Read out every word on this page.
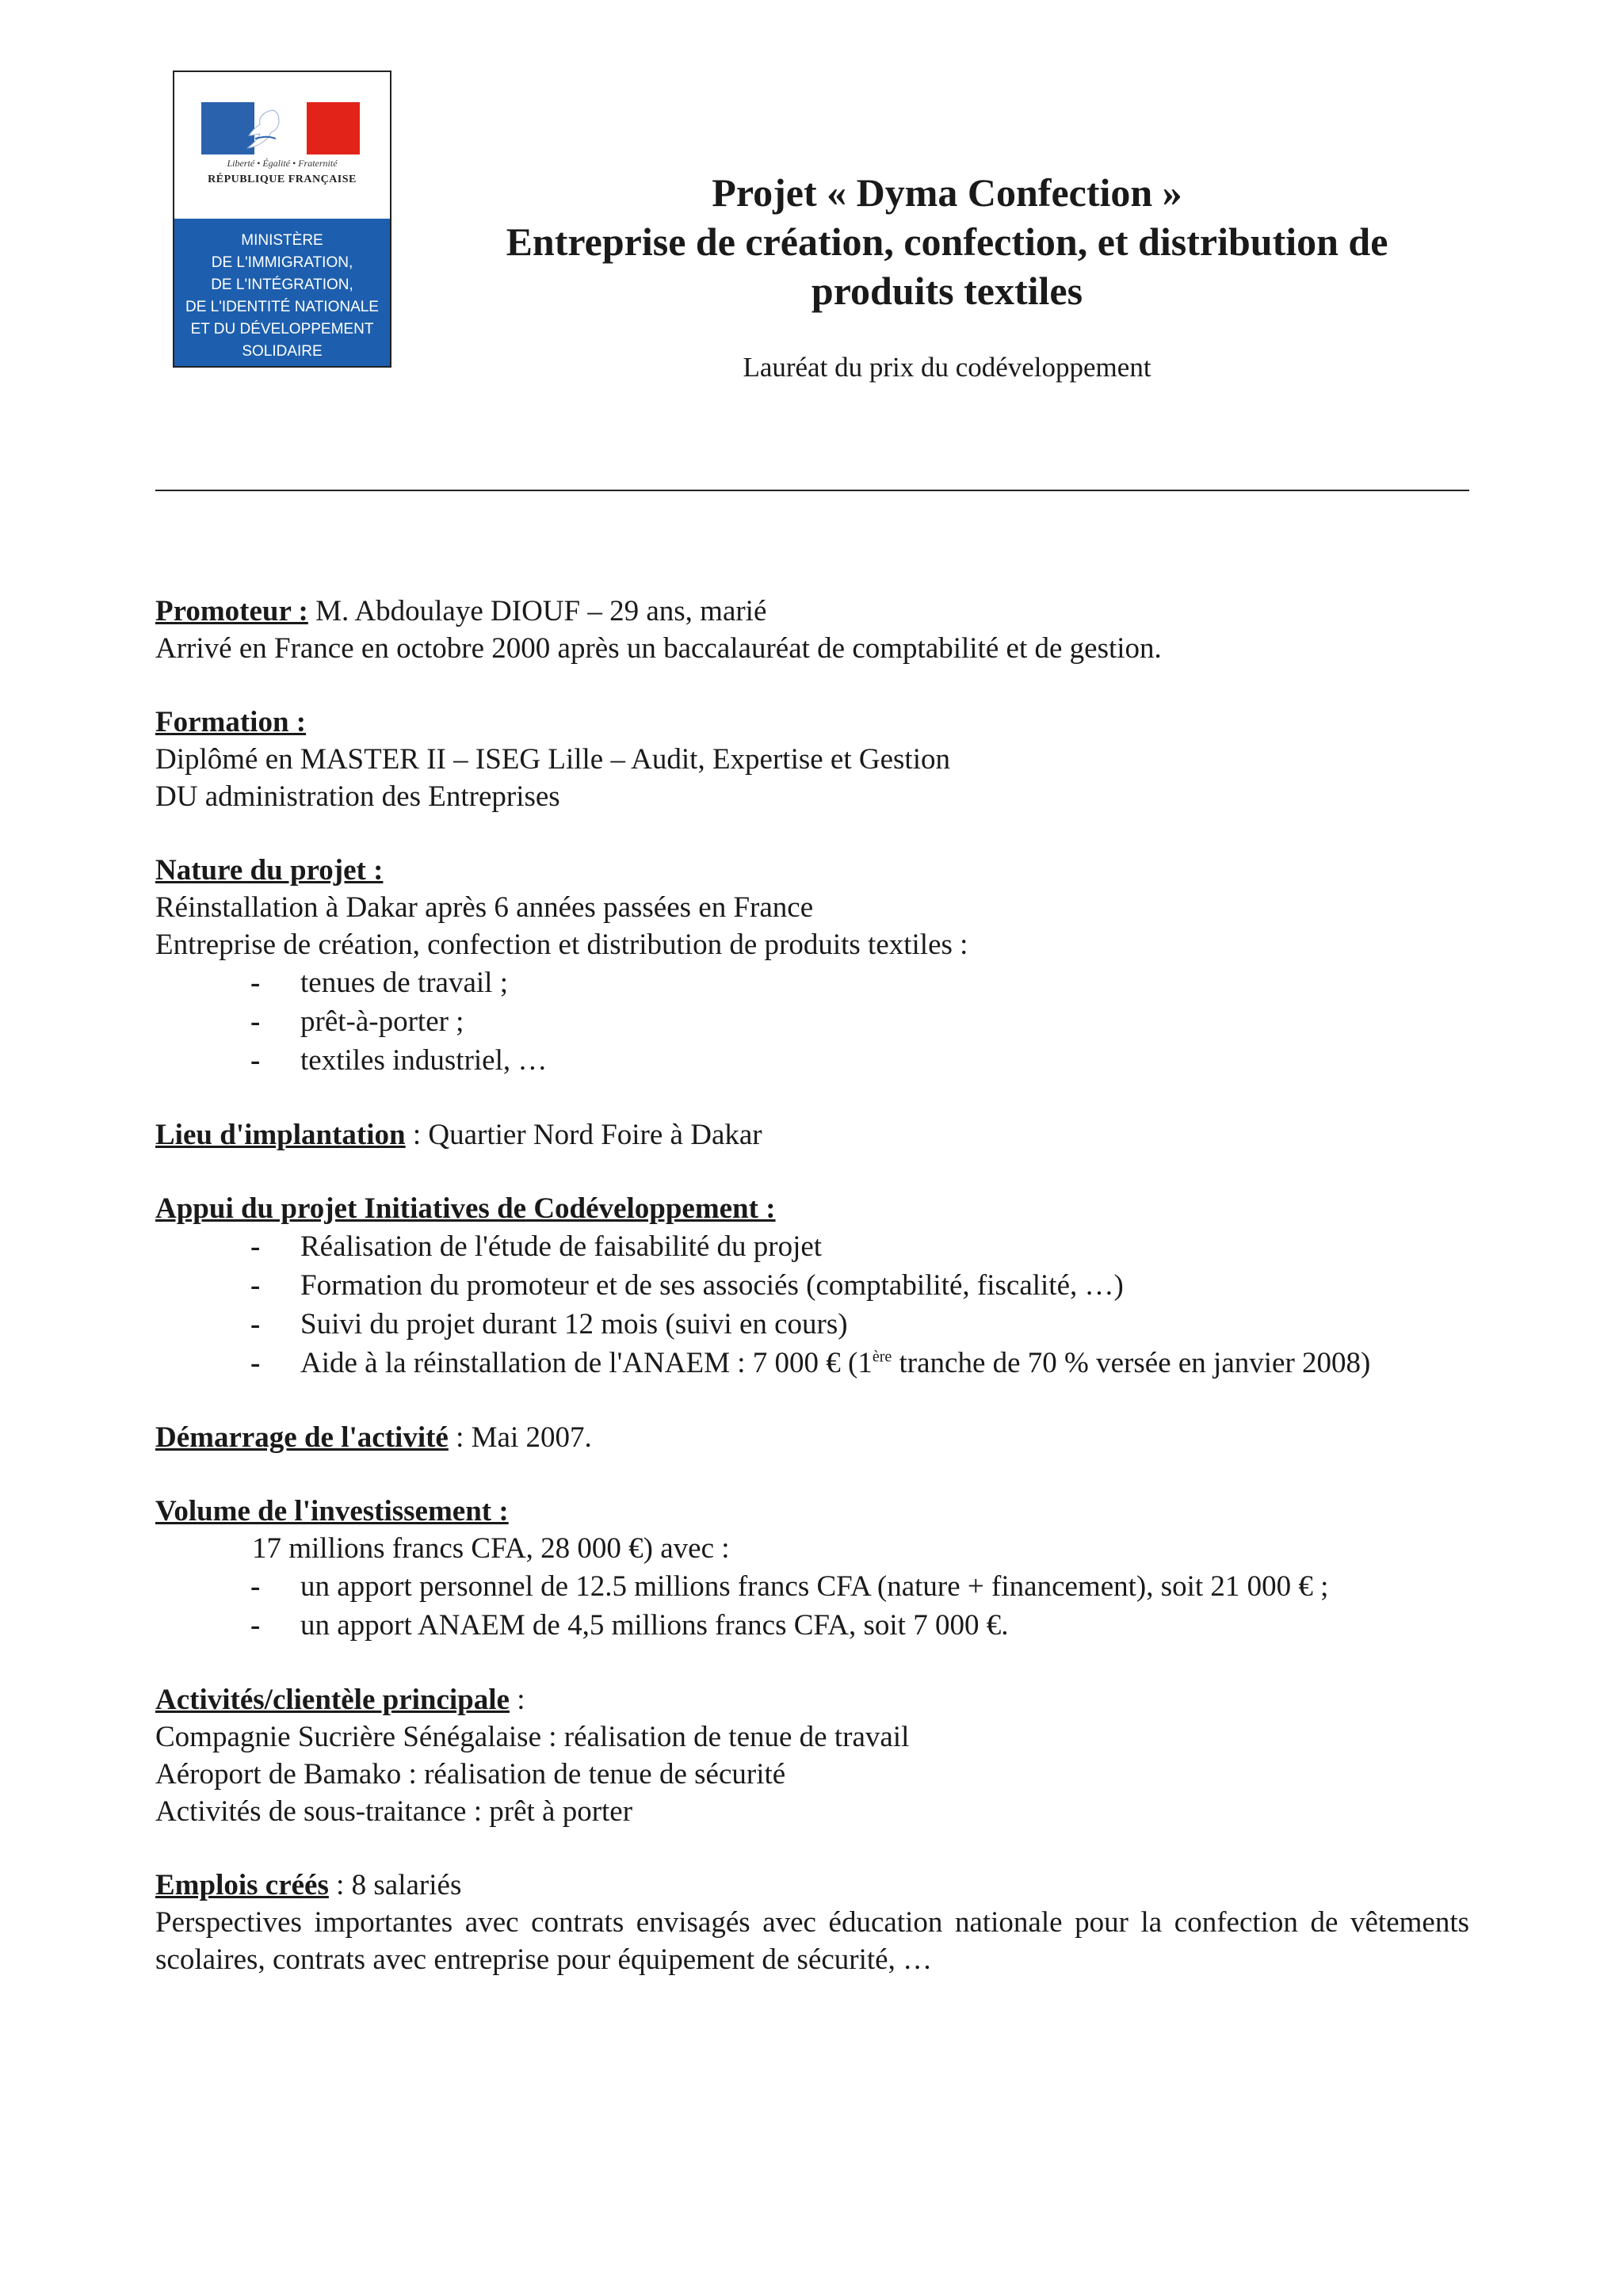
Liberté • Égalité • Fraternité
RÉPUBLIQUE FRANÇAISE
MINISTÈRE
DE L'IMMIGRATION,
DE L'INTÉGRATION,
DE L'IDENTITÉ NATIONALE
ET DU DÉVELOPPEMENT
SOLIDAIRE
Projet « Dyma Confection »
Entreprise de création, confection, et distribution de
produits textiles
Lauréat du prix du codéveloppement

Promoteur : M. Abdoulaye DIOUF – 29 ans, marié

Arrivé en France en octobre 2000 après un baccalauréat de comptabilité et de gestion.

Formation :

Diplômé en MASTER II – ISEG Lille – Audit, Expertise et Gestion

DU administration des Entreprises

Nature du projet :

Réinstallation à Dakar après 6 années passées en France

Entreprise de création, confection et distribution de produits textiles :

- tenues de travail ;
- prêt-à-porter ;
- textiles industriel, …

Lieu d'implantation : Quartier Nord Foire à Dakar

Appui du projet Initiatives de Codéveloppement :

- Réalisation de l'étude de faisabilité du projet
- Formation du promoteur et de ses associés (comptabilité, fiscalité, …)
- Suivi du projet durant 12 mois (suivi en cours)
- Aide à la réinstallation de l'ANAEM : 7 000 € (1ère tranche de 70 % versée en janvier 2008)

Démarrage de l'activité : Mai 2007.

Volume de l'investissement :

17 millions francs CFA, 28 000 €) avec :

- un apport personnel de 12.5 millions francs CFA (nature + financement), soit 21 000 € ;
- un apport ANAEM de 4,5 millions francs CFA, soit 7 000 €.

Activités/clientèle principale :

Compagnie Sucrière Sénégalaise : réalisation de tenue de travail

Aéroport de Bamako : réalisation de tenue de sécurité

Activités de sous-traitance : prêt à porter

Emplois créés : 8 salariés

Perspectives importantes avec contrats envisagés avec éducation nationale pour la confection de vêtements scolaires, contrats avec entreprise pour équipement de sécurité, …
